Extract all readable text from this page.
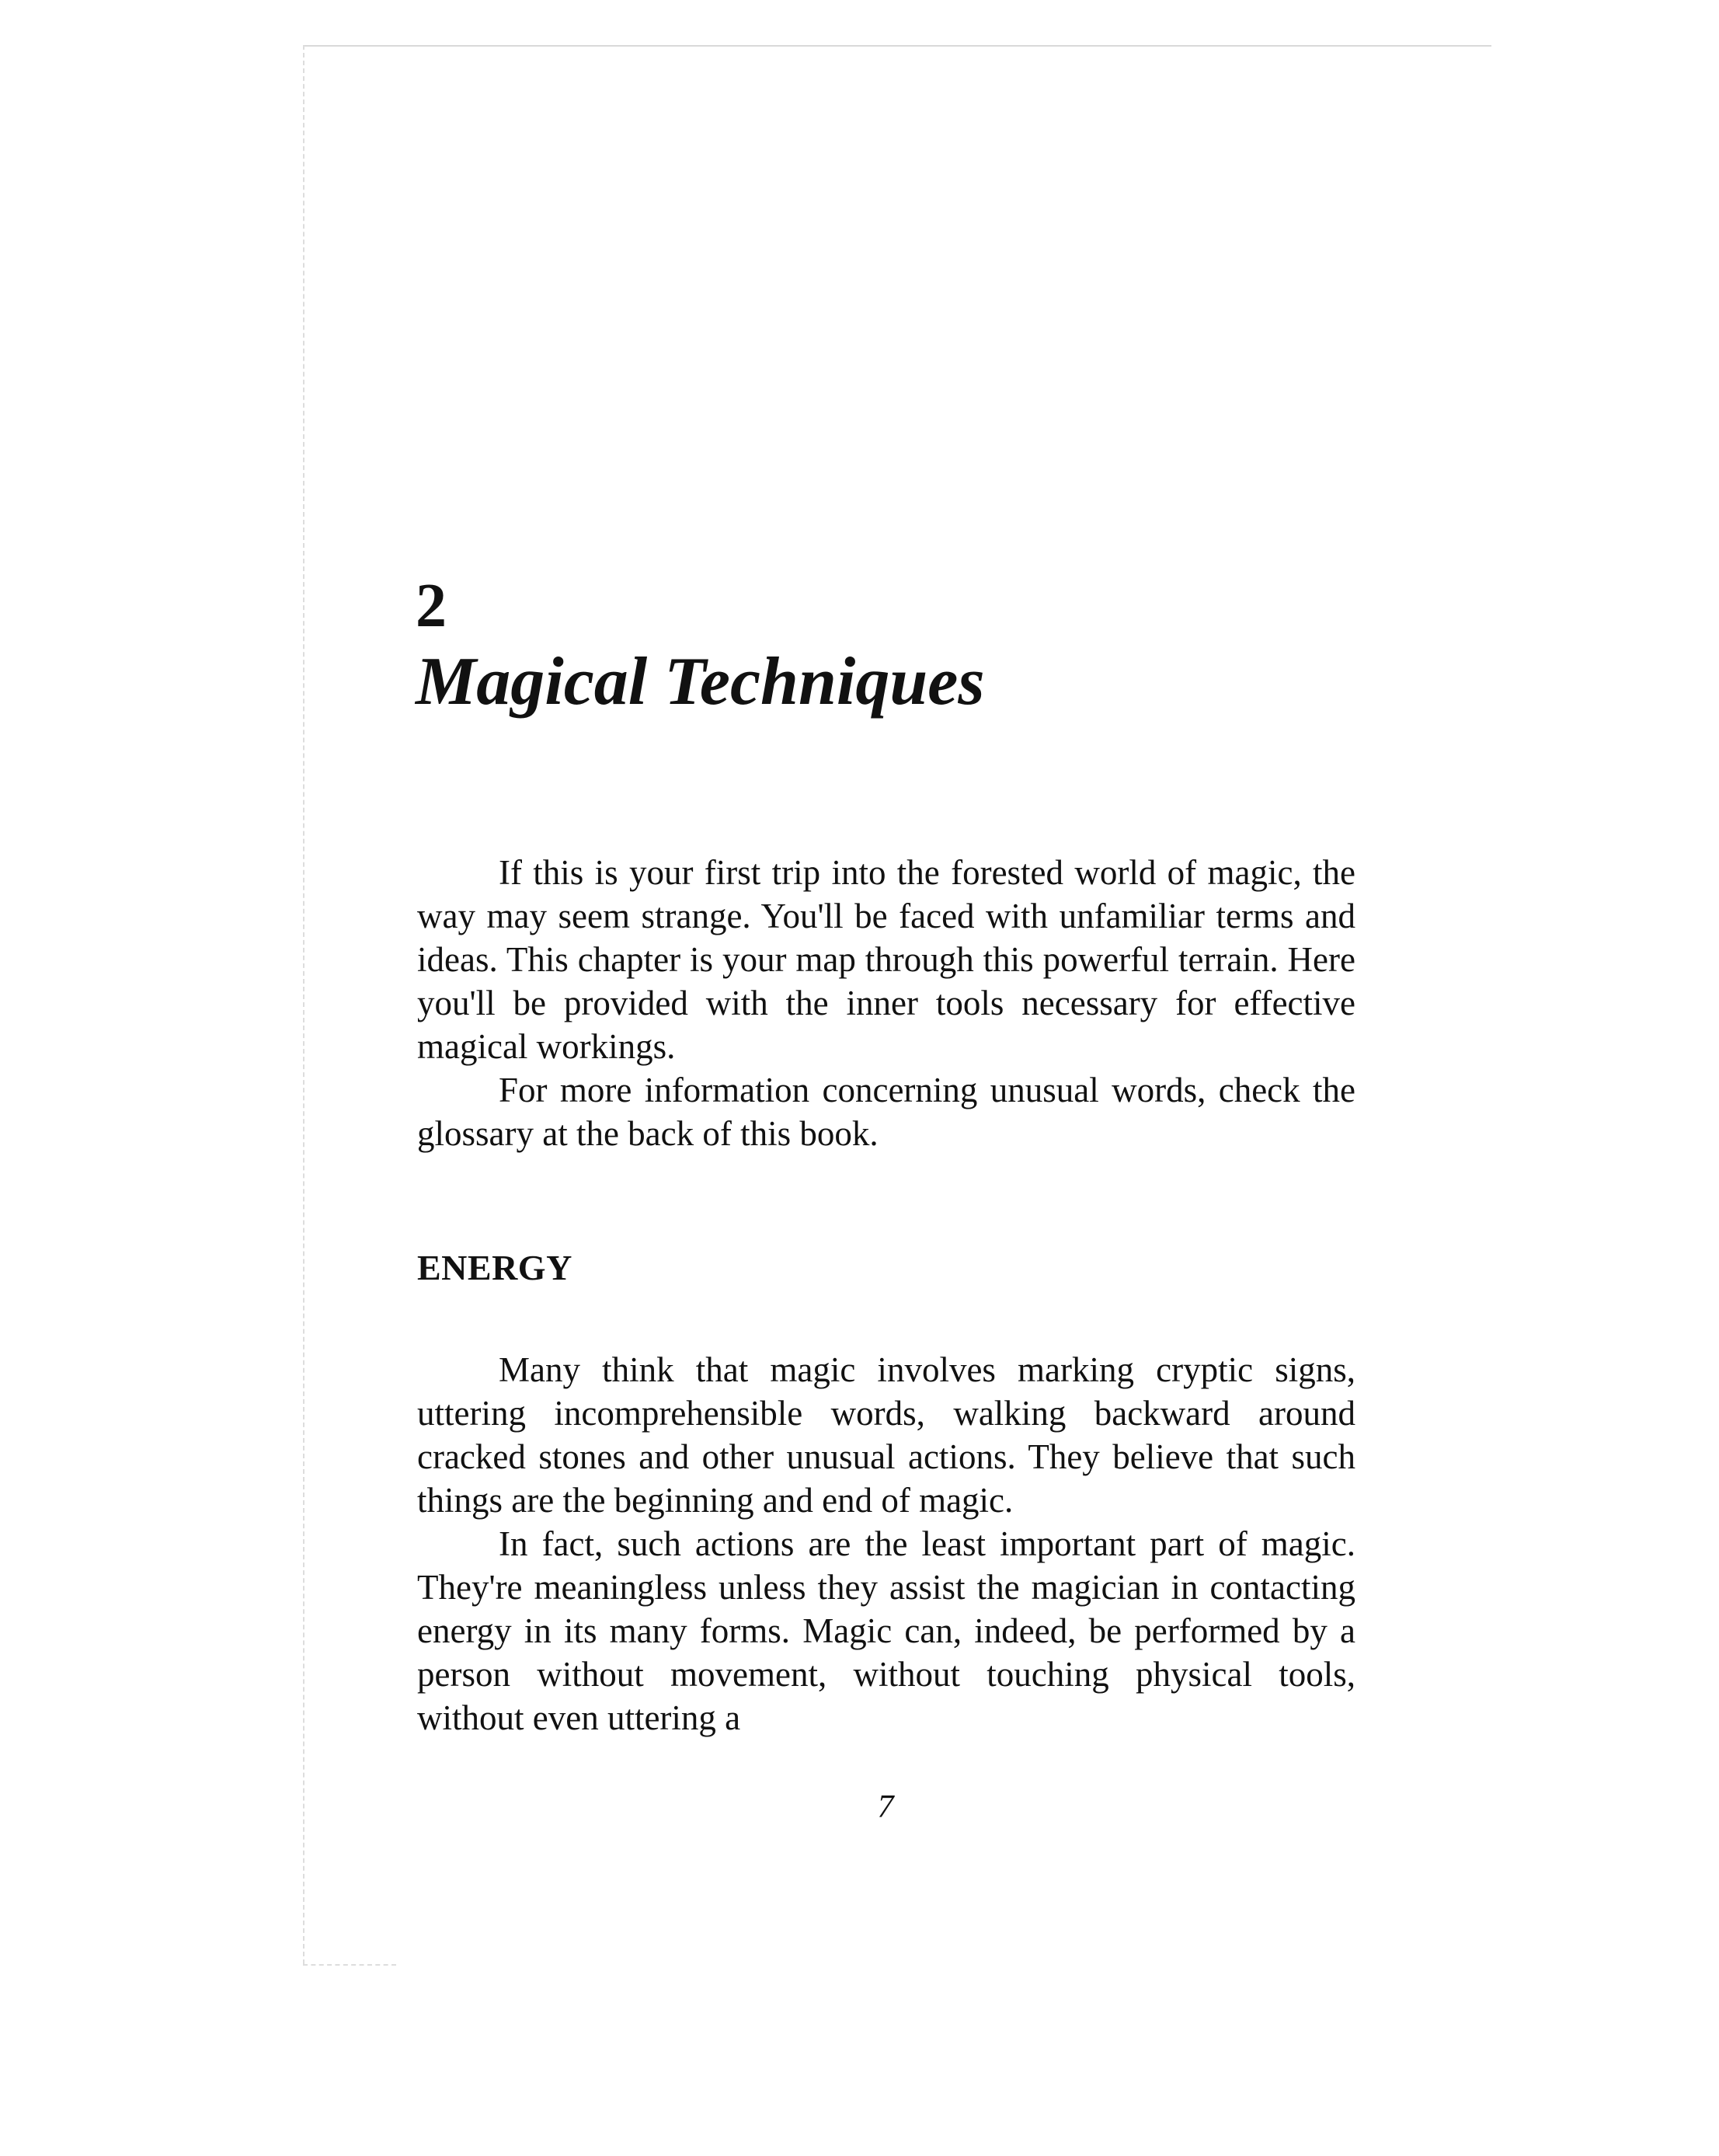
2
Magical Techniques

If this is your first trip into the forested world of magic, the way may seem strange. You'll be faced with unfamiliar terms and ideas. This chapter is your map through this powerful terrain. Here you'll be provided with the inner tools necessary for effective magical workings.

For more information concerning unusual words, check the glossary at the back of this book.

ENERGY

Many think that magic involves marking cryptic signs, uttering incomprehensible words, walking backward around cracked stones and other unusual actions. They believe that such things are the beginning and end of magic.

In fact, such actions are the least important part of magic. They're meaningless unless they assist the magician in contacting energy in its many forms. Magic can, indeed, be performed by a person without movement, without touching physical tools, without even uttering a

7
